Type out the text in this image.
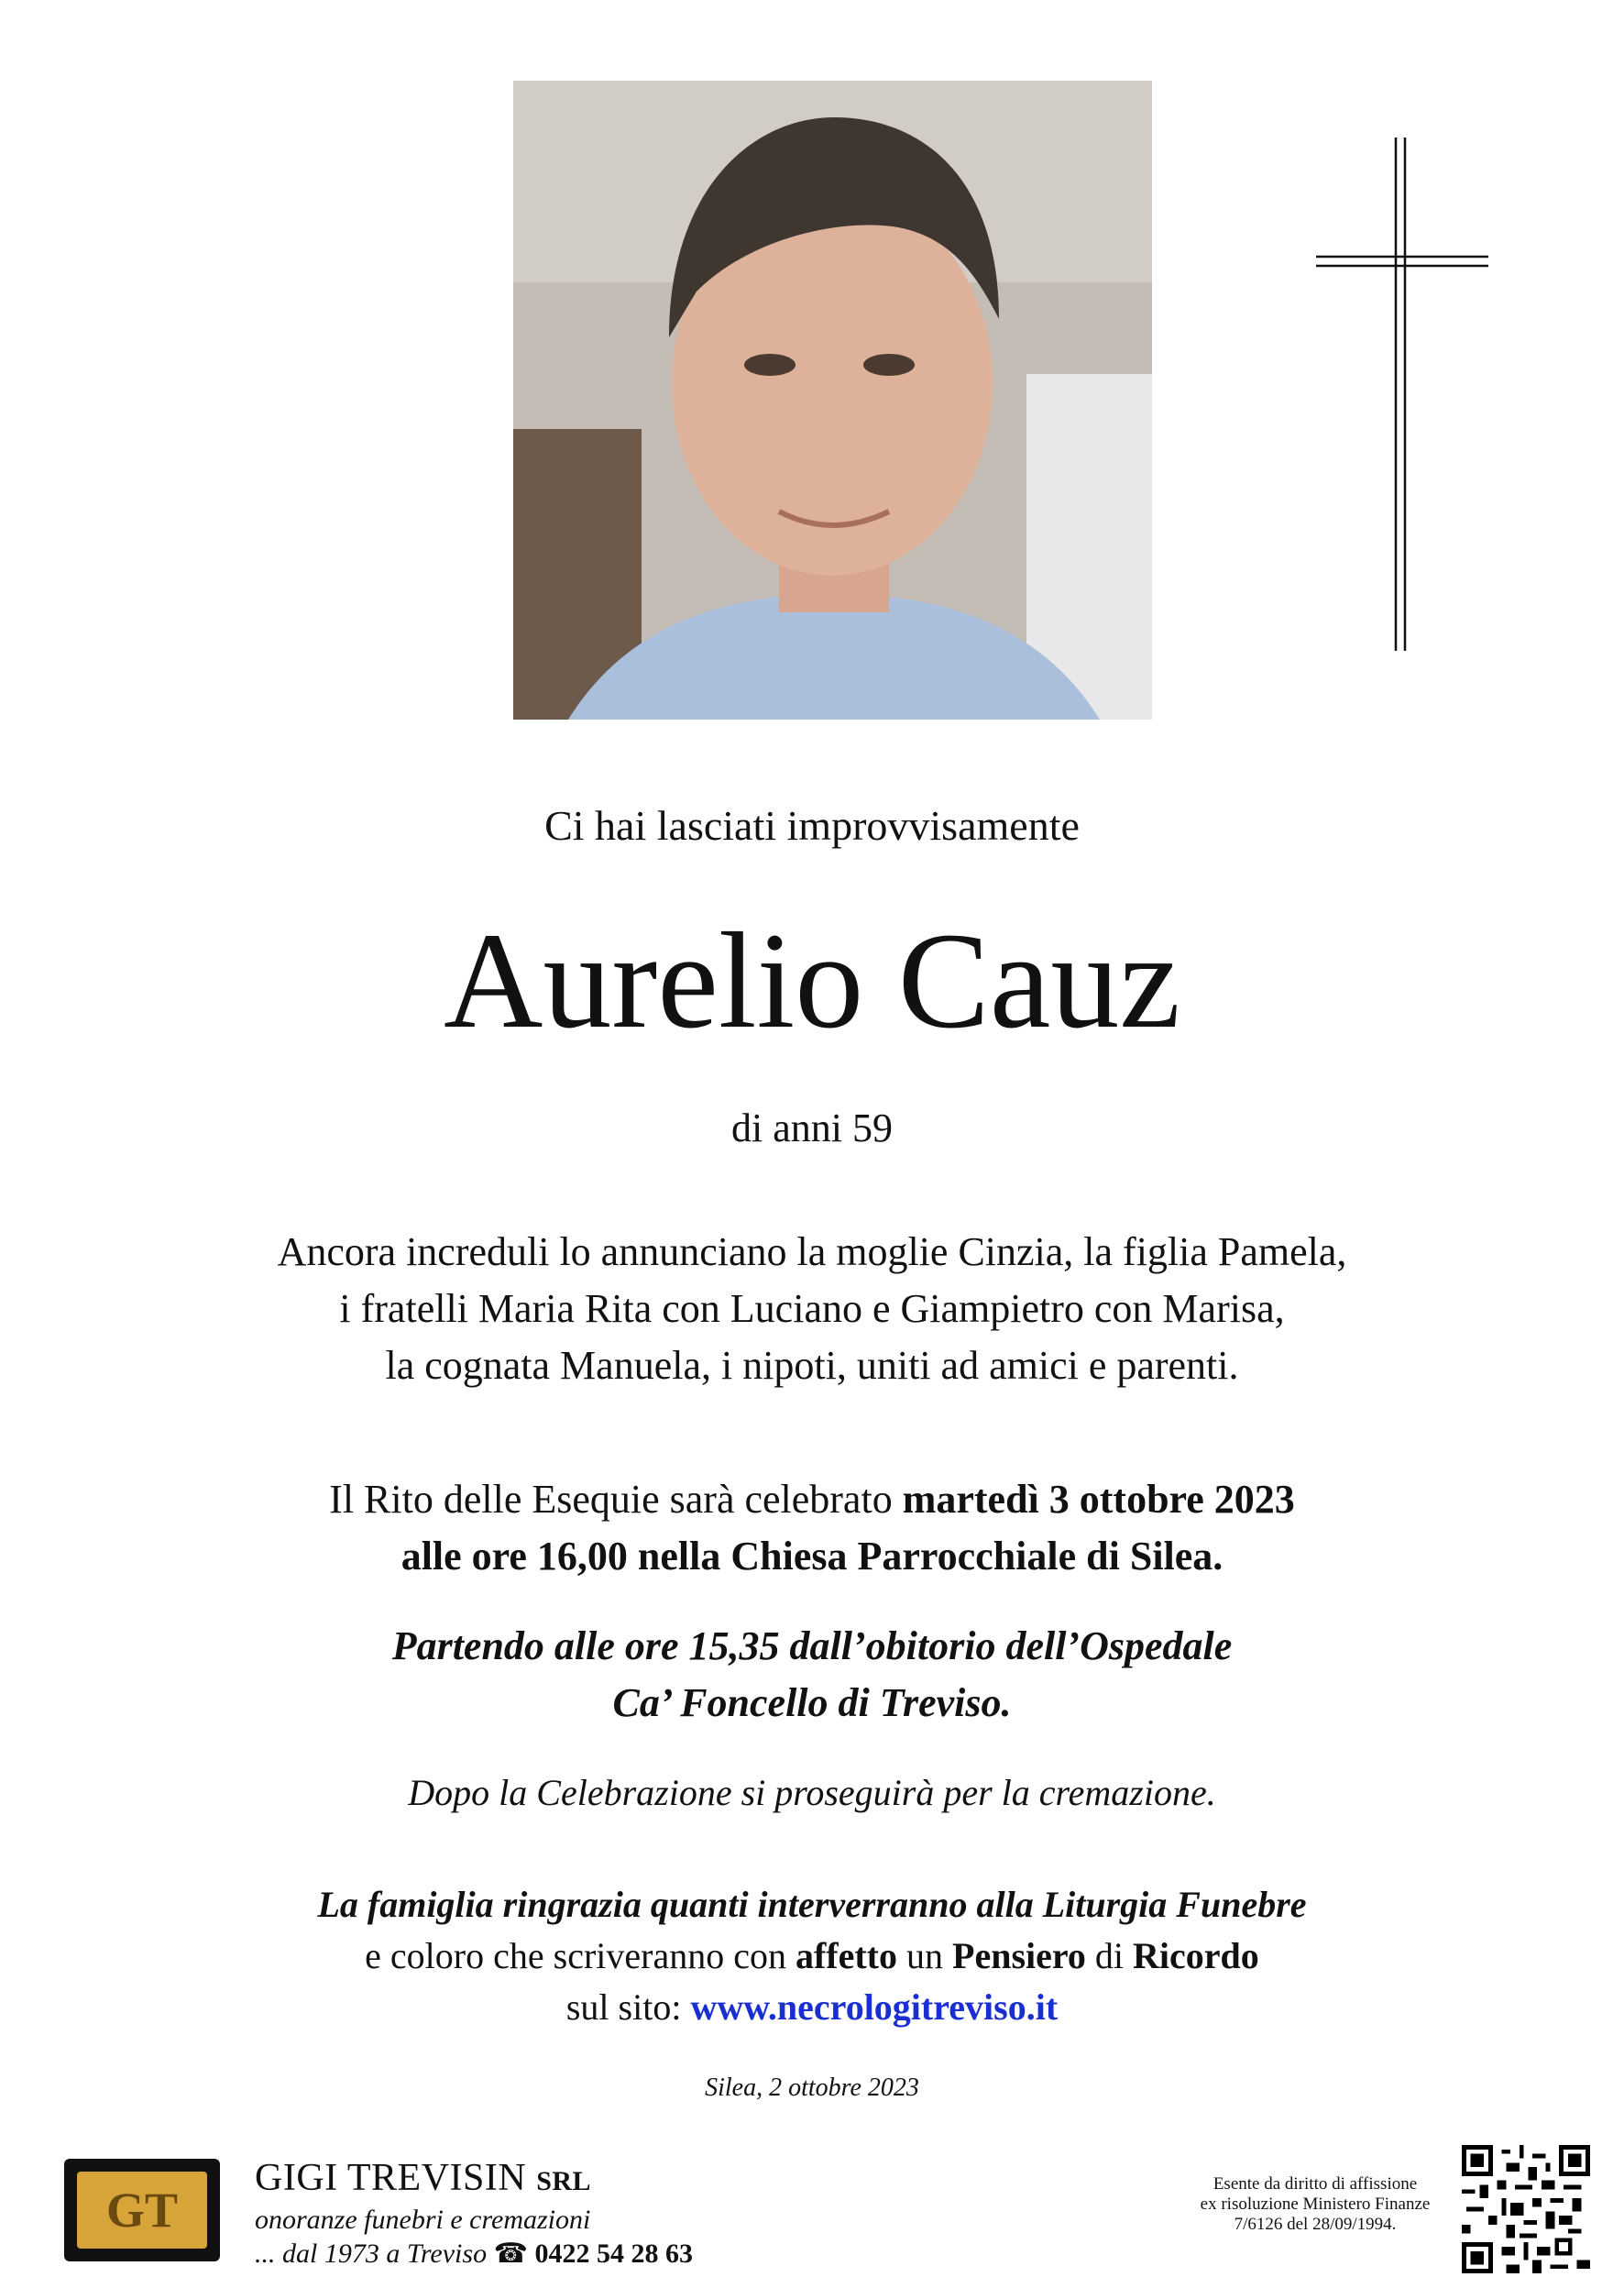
Ci hai lasciati improvvisamente
Aurelio Cauz
di anni 59
Ancora increduli lo annunciano la moglie Cinzia, la figlia Pamela,
i fratelli Maria Rita con Luciano e Giampietro con Marisa,
la cognata Manuela, i nipoti, uniti ad amici e parenti.
Il Rito delle Esequie sarà celebrato martedì 3 ottobre 2023
alle ore 16,00 nella Chiesa Parrocchiale di Silea.
Partendo alle ore 15,35 dall’obitorio dell’Ospedale
Ca’ Foncello di Treviso.
Dopo la Celebrazione si proseguirà per la cremazione.
La famiglia ringrazia quanti interverranno alla Liturgia Funebre
e coloro che scriveranno con affetto un Pensiero di Ricordo
sul sito: www.necrologitreviso.it
Silea, 2 ottobre 2023
GT
GIGI TREVISIN SRL
onoranze funebri e cremazioni
... dal 1973 a Treviso ☎ 0422 54 28 63
Esente da diritto di affissione
ex risoluzione Ministero Finanze
7/6126 del 28/09/1994.
